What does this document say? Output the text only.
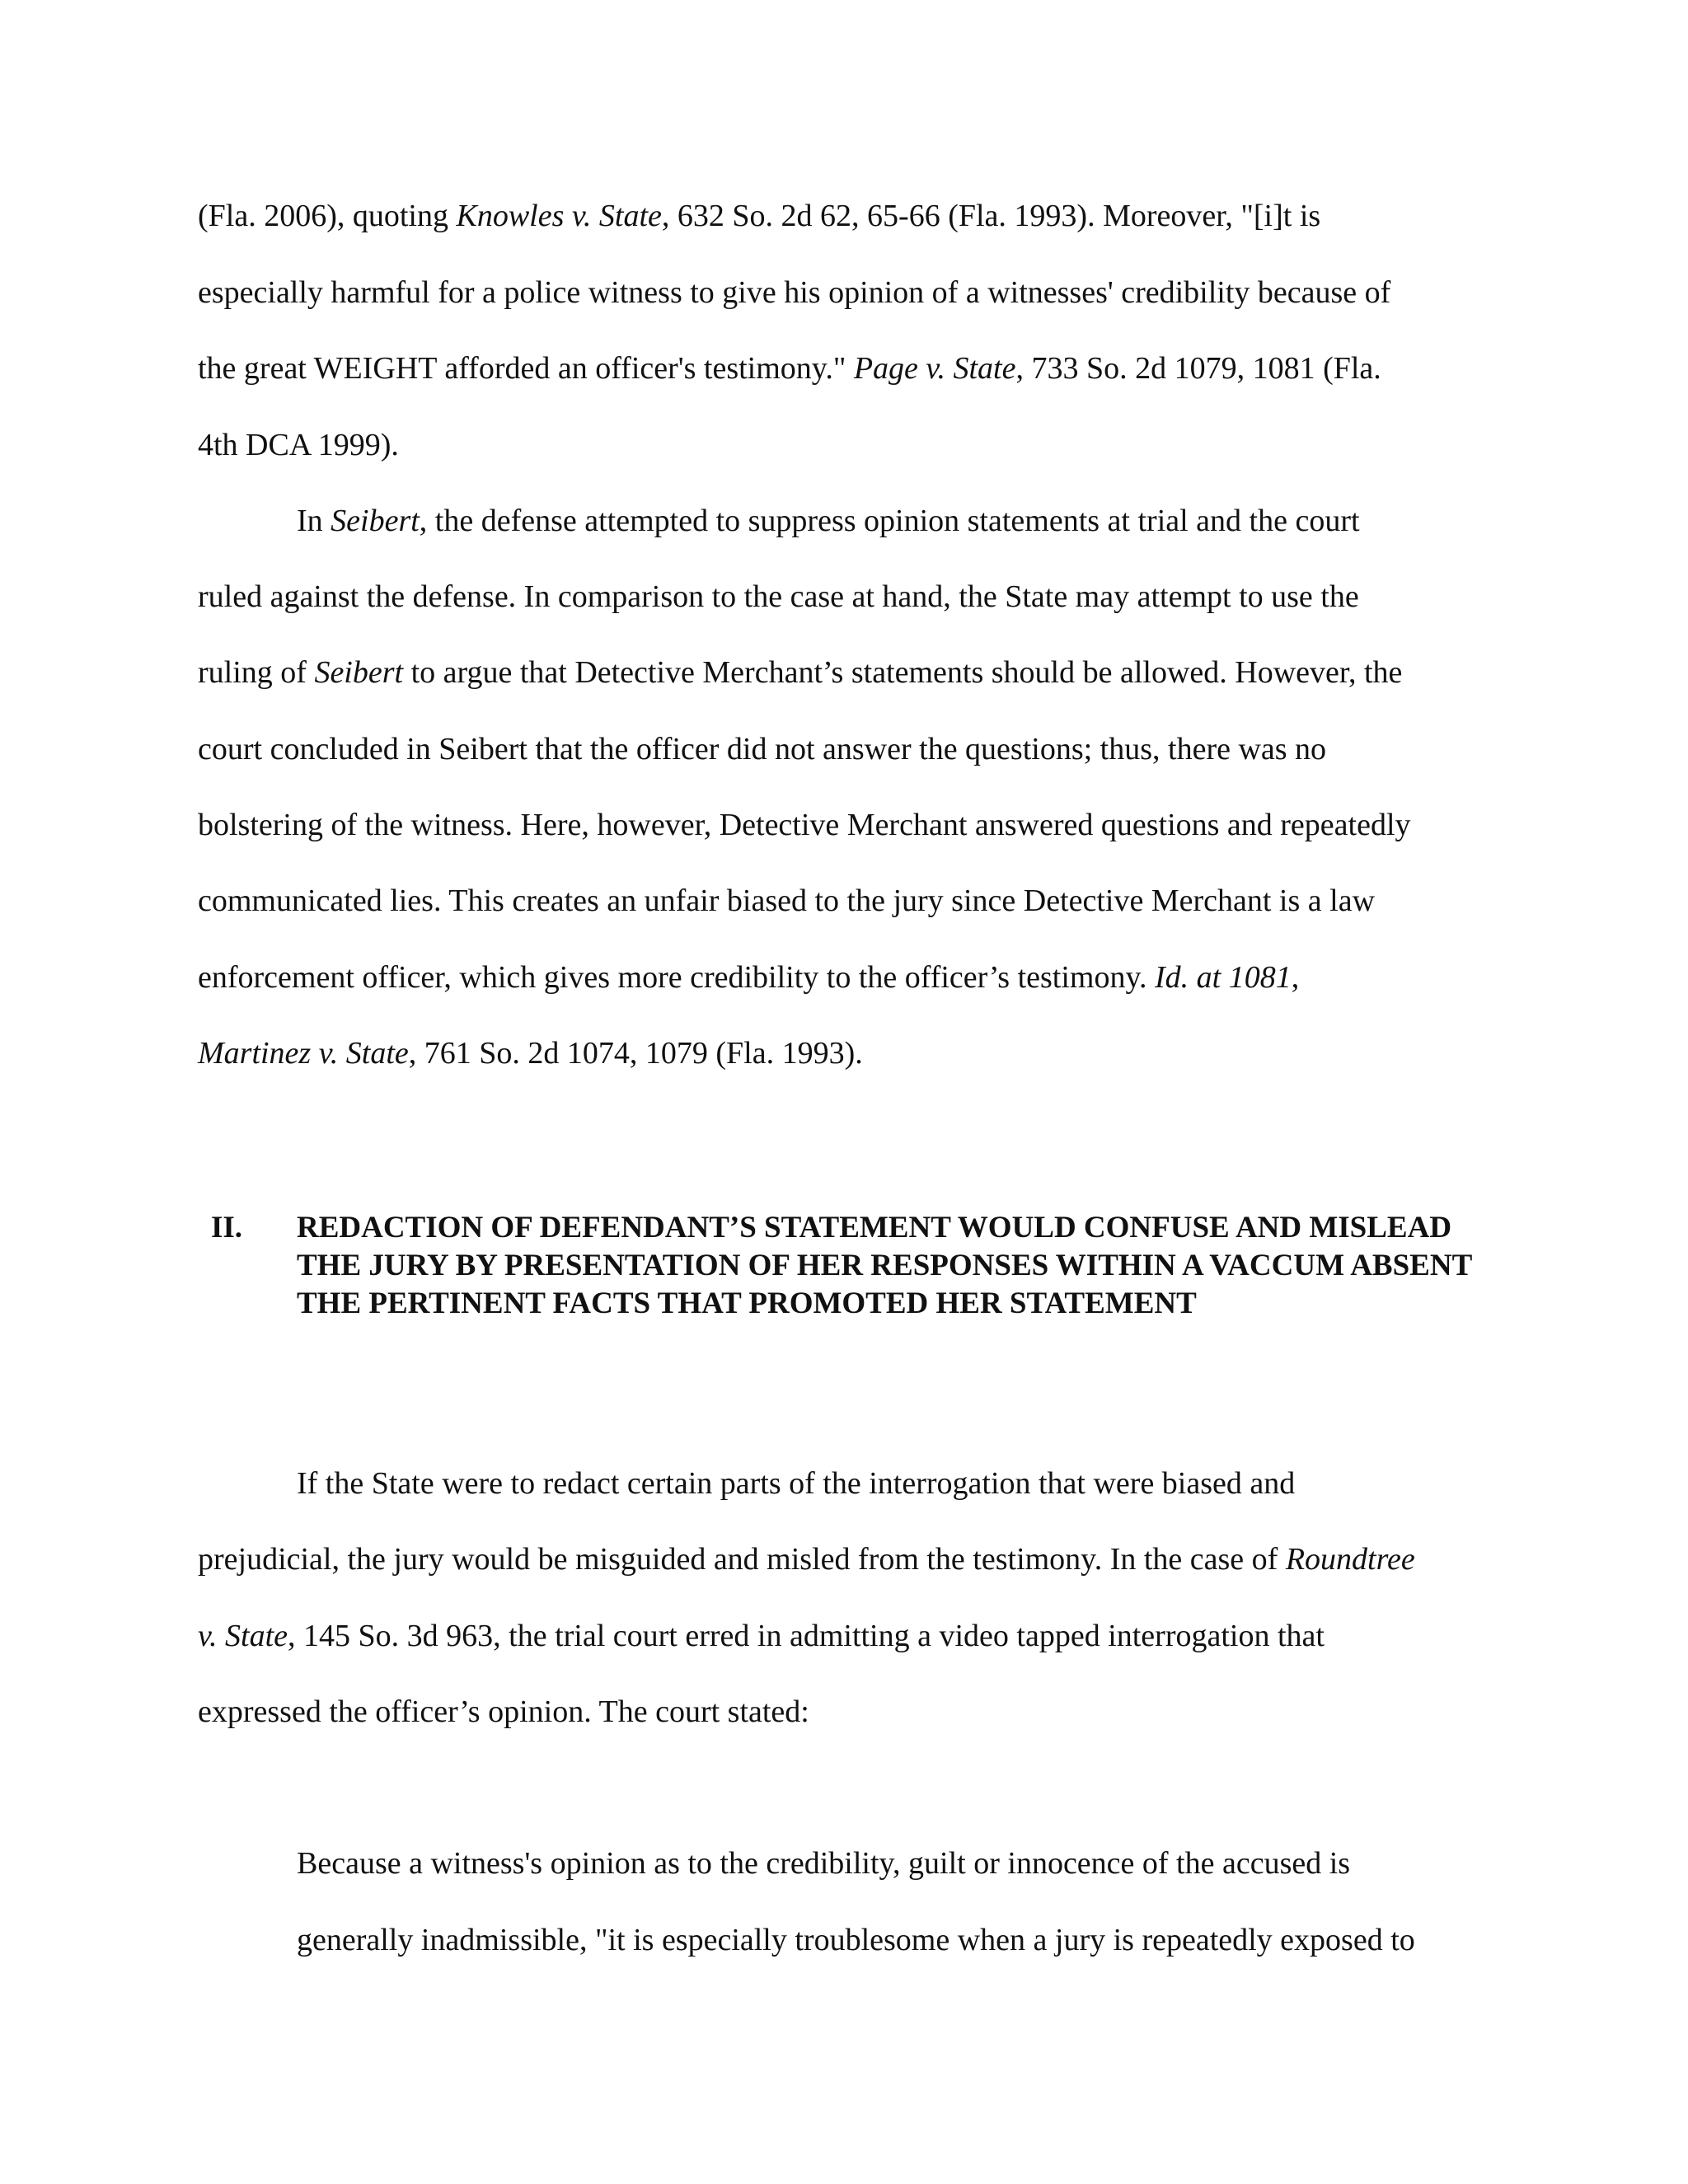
(Fla. 2006), quoting Knowles v. State, 632 So. 2d 62, 65-66 (Fla. 1993). Moreover, "[i]t is
especially harmful for a police witness to give his opinion of a witnesses' credibility because of
the great WEIGHT afforded an officer's testimony." Page v. State, 733 So. 2d 1079, 1081 (Fla.
4th DCA 1999).
In Seibert, the defense attempted to suppress opinion statements at trial and the court
ruled against the defense. In comparison to the case at hand, the State may attempt to use the
ruling of Seibert to argue that Detective Merchant’s statements should be allowed. However, the
court concluded in Seibert that the officer did not answer the questions; thus, there was no
bolstering of the witness. Here, however, Detective Merchant answered questions and repeatedly
communicated lies. This creates an unfair biased to the jury since Detective Merchant is a law
enforcement officer, which gives more credibility to the officer’s testimony. Id. at 1081,
Martinez v. State, 761 So. 2d 1074, 1079 (Fla. 1993).
II. REDACTION OF DEFENDANT’S STATEMENT WOULD CONFUSE AND MISLEAD THE JURY BY PRESENTATION OF HER RESPONSES WITHIN A VACCUM ABSENT THE PERTINENT FACTS THAT PROMOTED HER STATEMENT
If the State were to redact certain parts of the interrogation that were biased and
prejudicial, the jury would be misguided and misled from the testimony. In the case of Roundtree
v. State, 145 So. 3d 963, the trial court erred in admitting a video tapped interrogation that
expressed the officer’s opinion. The court stated:
Because a witness's opinion as to the credibility, guilt or innocence of the accused is
generally inadmissible, "it is especially troublesome when a jury is repeatedly exposed to
